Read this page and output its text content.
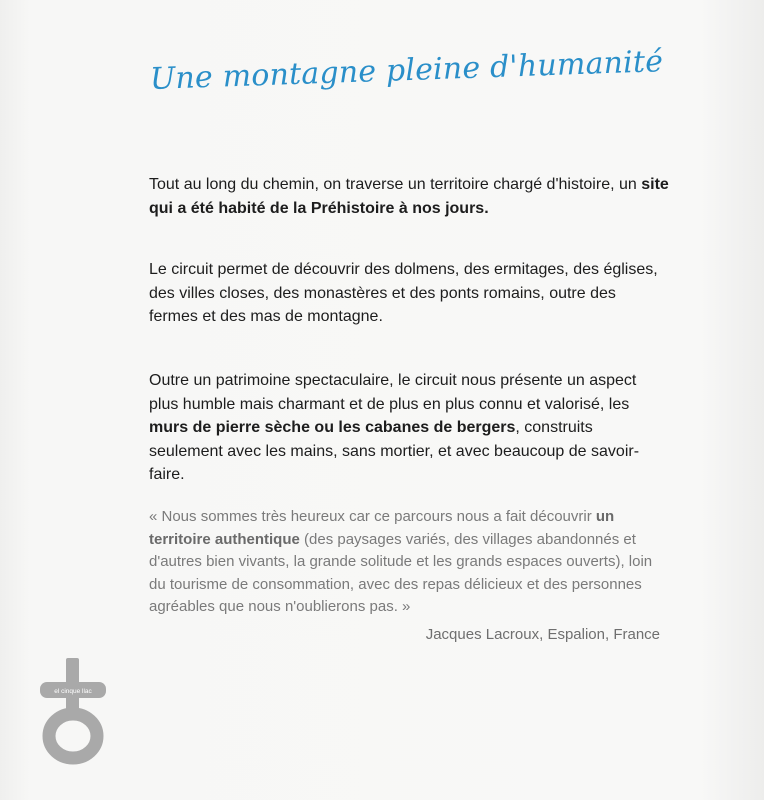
Une montagne pleine d'humanité
Tout au long du chemin, on traverse un territoire chargé d'histoire, un site qui a été habité de la Préhistoire à nos jours.
Le circuit permet de découvrir des dolmens, des ermitages, des églises, des villes closes, des monastères et des ponts romains, outre des fermes et des mas de montagne.
Outre un patrimoine spectaculaire, le circuit nous présente un aspect plus humble mais charmant et de plus en plus connu et valorisé, les murs de pierre sèche ou les cabanes de bergers, construits seulement avec les mains, sans mortier, et avec beaucoup de savoir-faire.
« Nous sommes très heureux car ce parcours nous a fait découvrir un territoire authentique (des paysages variés, des villages abandonnés et d'autres bien vivants, la grande solitude et les grands espaces ouverts), loin du tourisme de consommation, avec des repas délicieux et des personnes agréables que nous n'oublierons pas. »
Jacques Lacroux, Espalion, France
el cinque llac
